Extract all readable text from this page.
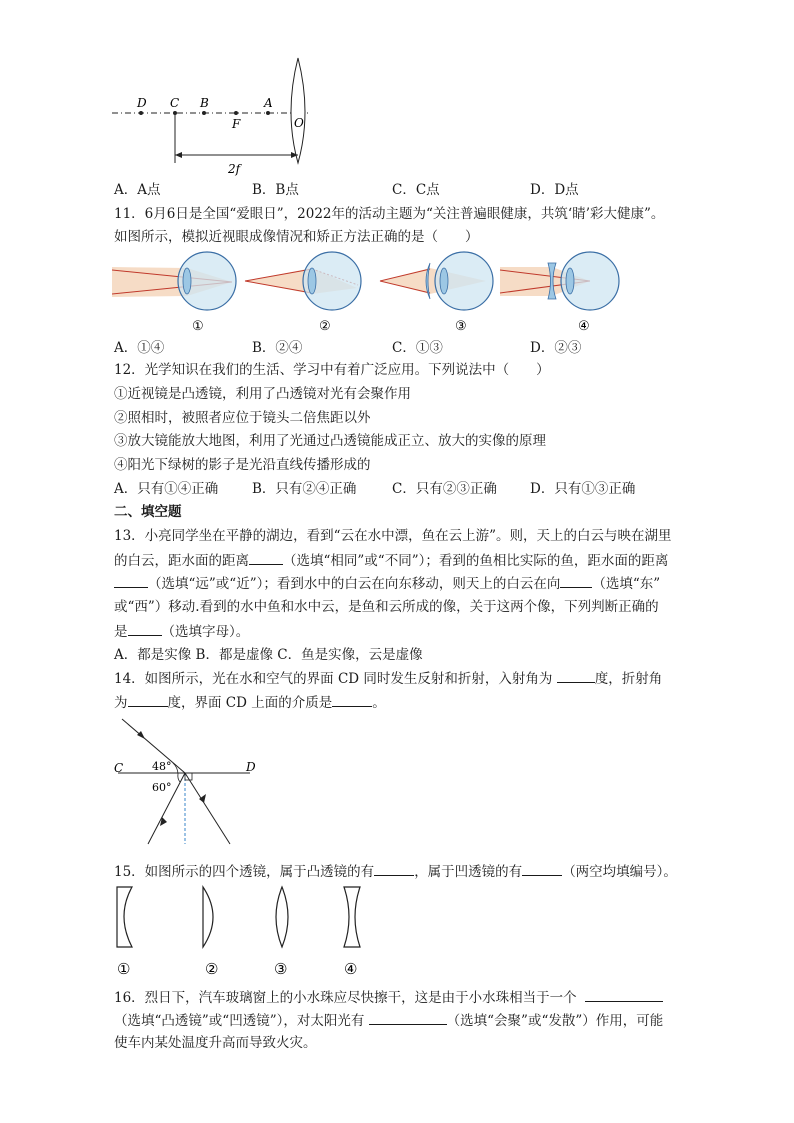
D C B
F
A
O
2f
A．A点	B．B点	C．C点	D．D点
11．6月6日是全国“爱眼日”，2022年的活动主题为“关注普遍眼健康，共筑‘睛’彩大健康”。
如图所示，模拟近视眼成像情况和矫正方法正确的是（　　）
①	②	③	④
A．①④	B．②④	C．①③	D．②③
12．光学知识在我们的生活、学习中有着广泛应用。下列说法中（　　）
①近视镜是凸透镜，利用了凸透镜对光有会聚作用
②照相时，被照者应位于镜头二倍焦距以外
③放大镜能放大地图，利用了光通过凸透镜能成正立、放大的实像的原理
④阳光下绿树的影子是光沿直线传播形成的
A．只有①④正确	B．只有②④正确	C．只有②③正确 D．只有①③正确
二、填空题
13．小亮同学坐在平静的湖边，看到“云在水中漂，鱼在云上游”。则，天上的白云与映在湖里
的白云，距水面的距离	（选填“相同”或“不同”）；看到的鱼相比实际的鱼，距水面的距离
（选填“远”或“近”）；看到水中的白云在向东移动，则天上的白云在向 （选填“东”
或“西”）移动.看到的水中鱼和水中云，是鱼和云所成的像，关于这两个像，下列判断正确的
是	（选填字母）。
A．都是实像 B．都是虚像 C．鱼是实像，云是虚像
14．如图所示，光在水和空气的界面 CD 同时发生反射和折射，入射角为	度，折射角
为	度，界面 CD 上面的介质是	。
C	D
48°
60°
15．如图所示的四个透镜，属于凸透镜的有	，属于凹透镜的有	（两空均填编号）。
①	②	③	④
16．烈日下，汽车玻璃窗上的小水珠应尽快擦干，这是由于小水珠相当于一个
（选填“凸透镜”或“凹透镜”），对太阳光有	（选填“会聚”或“发散”）作用，可能
使车内某处温度升高而导致火灾。
